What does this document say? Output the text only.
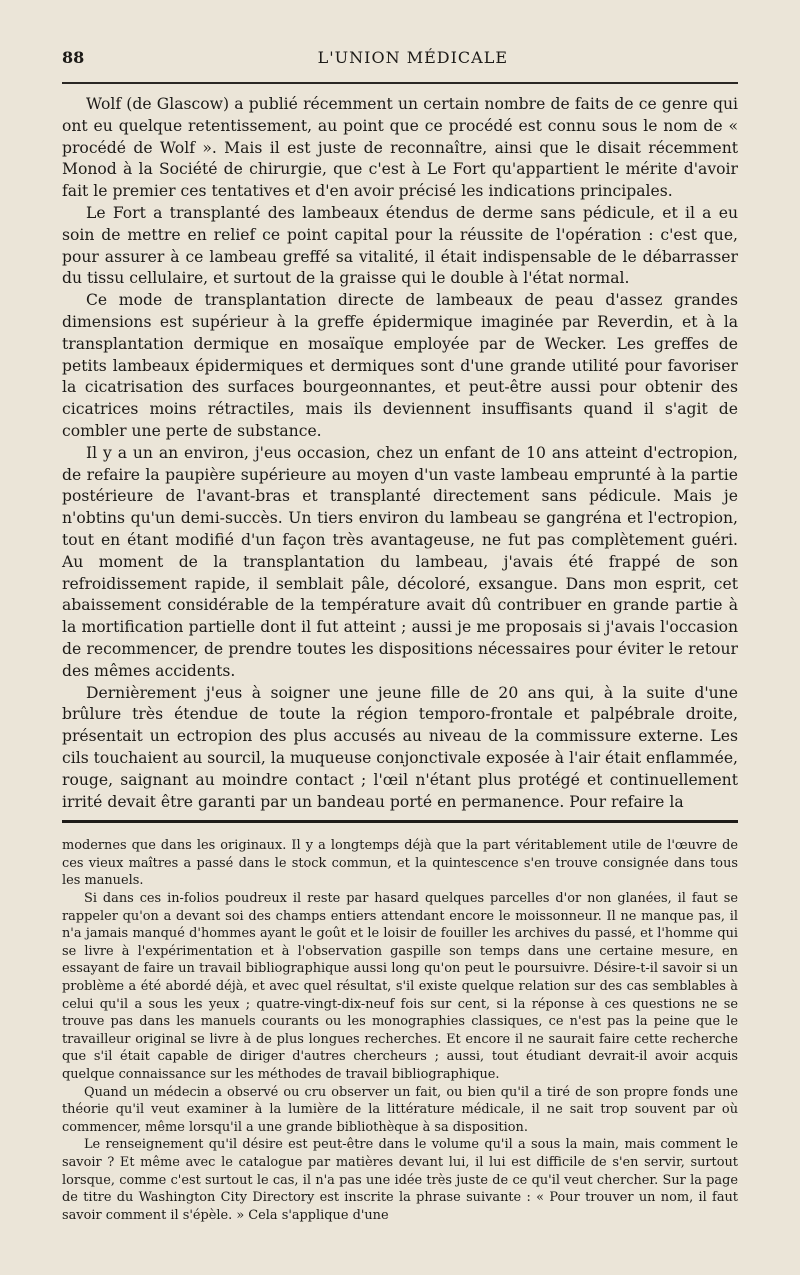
88	L'UNION MÉDICALE

Wolf (de Glascow) a publié récemment un certain nombre de faits de ce genre qui ont eu quelque retentissement, au point que ce procédé est connu sous le nom de « procédé de Wolf ». Mais il est juste de reconnaître, ainsi que le disait récemment Monod à la Société de chirurgie, que c'est à Le Fort qu'appartient le mérite d'avoir fait le premier ces tentatives et d'en avoir précisé les indications principales.

Le Fort a transplanté des lambeaux étendus de derme sans pédicule, et il a eu soin de mettre en relief ce point capital pour la réussite de l'opération : c'est que, pour assurer à ce lambeau greffé sa vitalité, il était indispensable de le débarrasser du tissu cellulaire, et surtout de la graisse qui le double à l'état normal.

Ce mode de transplantation directe de lambeaux de peau d'assez grandes dimensions est supérieur à la greffe épidermique imaginée par Reverdin, et à la transplantation dermique en mosaïque employée par de Wecker. Les greffes de petits lambeaux épidermiques et dermiques sont d'une grande utilité pour favoriser la cicatrisation des surfaces bourgeonnantes, et peut-être aussi pour obtenir des cicatrices moins rétractiles, mais ils deviennent insuffisants quand il s'agit de combler une perte de substance.

Il y a un an environ, j'eus occasion, chez un enfant de 10 ans atteint d'ectropion, de refaire la paupière supérieure au moyen d'un vaste lambeau emprunté à la partie postérieure de l'avant-bras et transplanté directement sans pédicule. Mais je n'obtins qu'un demi-succès. Un tiers environ du lambeau se gangréna et l'ectropion, tout en étant modifié d'un façon très avantageuse, ne fut pas complètement guéri. Au moment de la transplantation du lambeau, j'avais été frappé de son refroidissement rapide, il semblait pâle, décoloré, exsangue. Dans mon esprit, cet abaissement considérable de la température avait dû contribuer en grande partie à la mortification partielle dont il fut atteint ; aussi je me proposais si j'avais l'occasion de recommencer, de prendre toutes les dispositions nécessaires pour éviter le retour des mêmes accidents.

Dernièrement j'eus à soigner une jeune fille de 20 ans qui, à la suite d'une brûlure très étendue de toute la région temporo-frontale et palpébrale droite, présentait un ectropion des plus accusés au niveau de la commissure externe. Les cils touchaient au sourcil, la muqueuse conjonctivale exposée à l'air était enflammée, rouge, saignant au moindre contact ; l'œil n'étant plus protégé et continuellement irrité devait être garanti par un bandeau porté en permanence. Pour refaire la

modernes que dans les originaux. Il y a longtemps déjà que la part véritablement utile de l'œuvre de ces vieux maîtres a passé dans le stock commun, et la quintescence s'en trouve consignée dans tous les manuels.

Si dans ces in-folios poudreux il reste par hasard quelques parcelles d'or non glanées, il faut se rappeler qu'on a devant soi des champs entiers attendant encore le moissonneur. Il ne manque pas, il n'a jamais manqué d'hommes ayant le goût et le loisir de fouiller les archives du passé, et l'homme qui se livre à l'expérimentation et à l'observation gaspille son temps dans une certaine mesure, en essayant de faire un travail bibliographique aussi long qu'on peut le poursuivre. Désire-t-il savoir si un problème a été abordé déjà, et avec quel résultat, s'il existe quelque relation sur des cas semblables à celui qu'il a sous les yeux ; quatre-vingt-dix-neuf fois sur cent, si la réponse à ces questions ne se trouve pas dans les manuels courants ou les monographies classiques, ce n'est pas la peine que le travailleur original se livre à de plus longues recherches. Et encore il ne saurait faire cette recherche que s'il était capable de diriger d'autres chercheurs ; aussi, tout étudiant devrait-il avoir acquis quelque connaissance sur les méthodes de travail bibliographique.

Quand un médecin a observé ou cru observer un fait, ou bien qu'il a tiré de son propre fonds une théorie qu'il veut examiner à la lumière de la littérature médicale, il ne sait trop souvent par où commencer, même lorsqu'il a une grande bibliothèque à sa disposition.

Le renseignement qu'il désire est peut-être dans le volume qu'il a sous la main, mais comment le savoir ? Et même avec le catalogue par matières devant lui, il lui est difficile de s'en servir, surtout lorsque, comme c'est surtout le cas, il n'a pas une idée très juste de ce qu'il veut chercher. Sur la page de titre du Washington City Directory est inscrite la phrase suivante : « Pour trouver un nom, il faut savoir comment il s'épèle. » Cela s'applique d'une
